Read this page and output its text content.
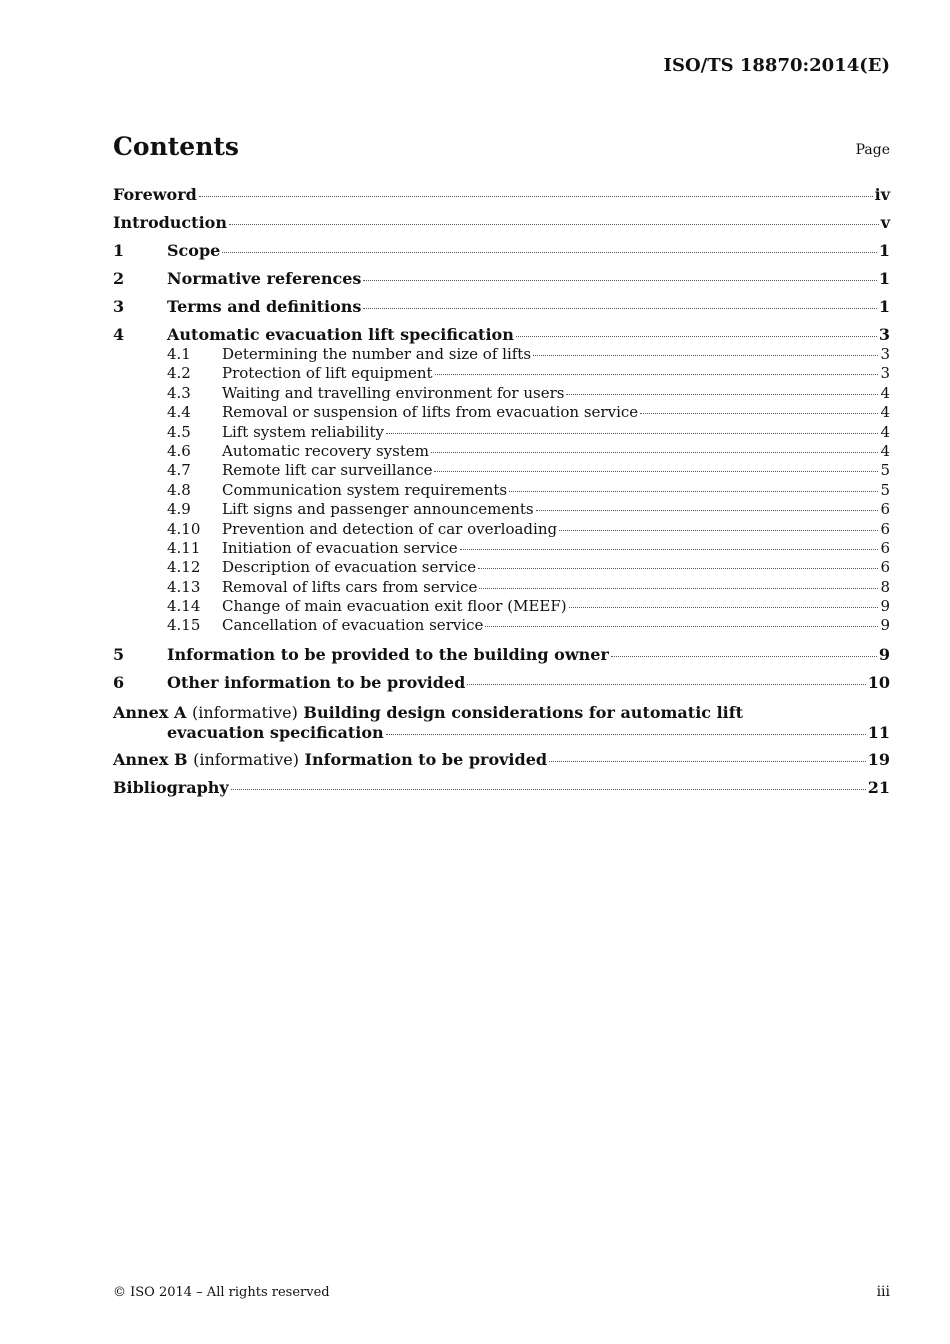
ISO/TS 18870:2014(E)
Contents	Page
Foreword	iv
Introduction	v
1	Scope	1
2	Normative references	1
3	Terms and definitions	1
4	Automatic evacuation lift specification	3
4.1	Determining the number and size of lifts	3
4.2	Protection of lift equipment	3
4.3	Waiting and travelling environment for users	4
4.4	Removal or suspension of lifts from evacuation service	4
4.5	Lift system reliability	4
4.6	Automatic recovery system	4
4.7	Remote lift car surveillance	5
4.8	Communication system requirements	5
4.9	Lift signs and passenger announcements	6
4.10	Prevention and detection of car overloading	6
4.11	Initiation of evacuation service	6
4.12	Description of evacuation service	6
4.13	Removal of lifts cars from service	8
4.14	Change of main evacuation exit floor (MEEF)	9
4.15	Cancellation of evacuation service	9
5	Information to be provided to the building owner	9
6	Other information to be provided	10
Annex A (informative) Building design considerations for automatic lift
evacuation specification	11
Annex B (informative) Information to be provided	19
Bibliography	21
© ISO 2014 – All rights reserved	iii
